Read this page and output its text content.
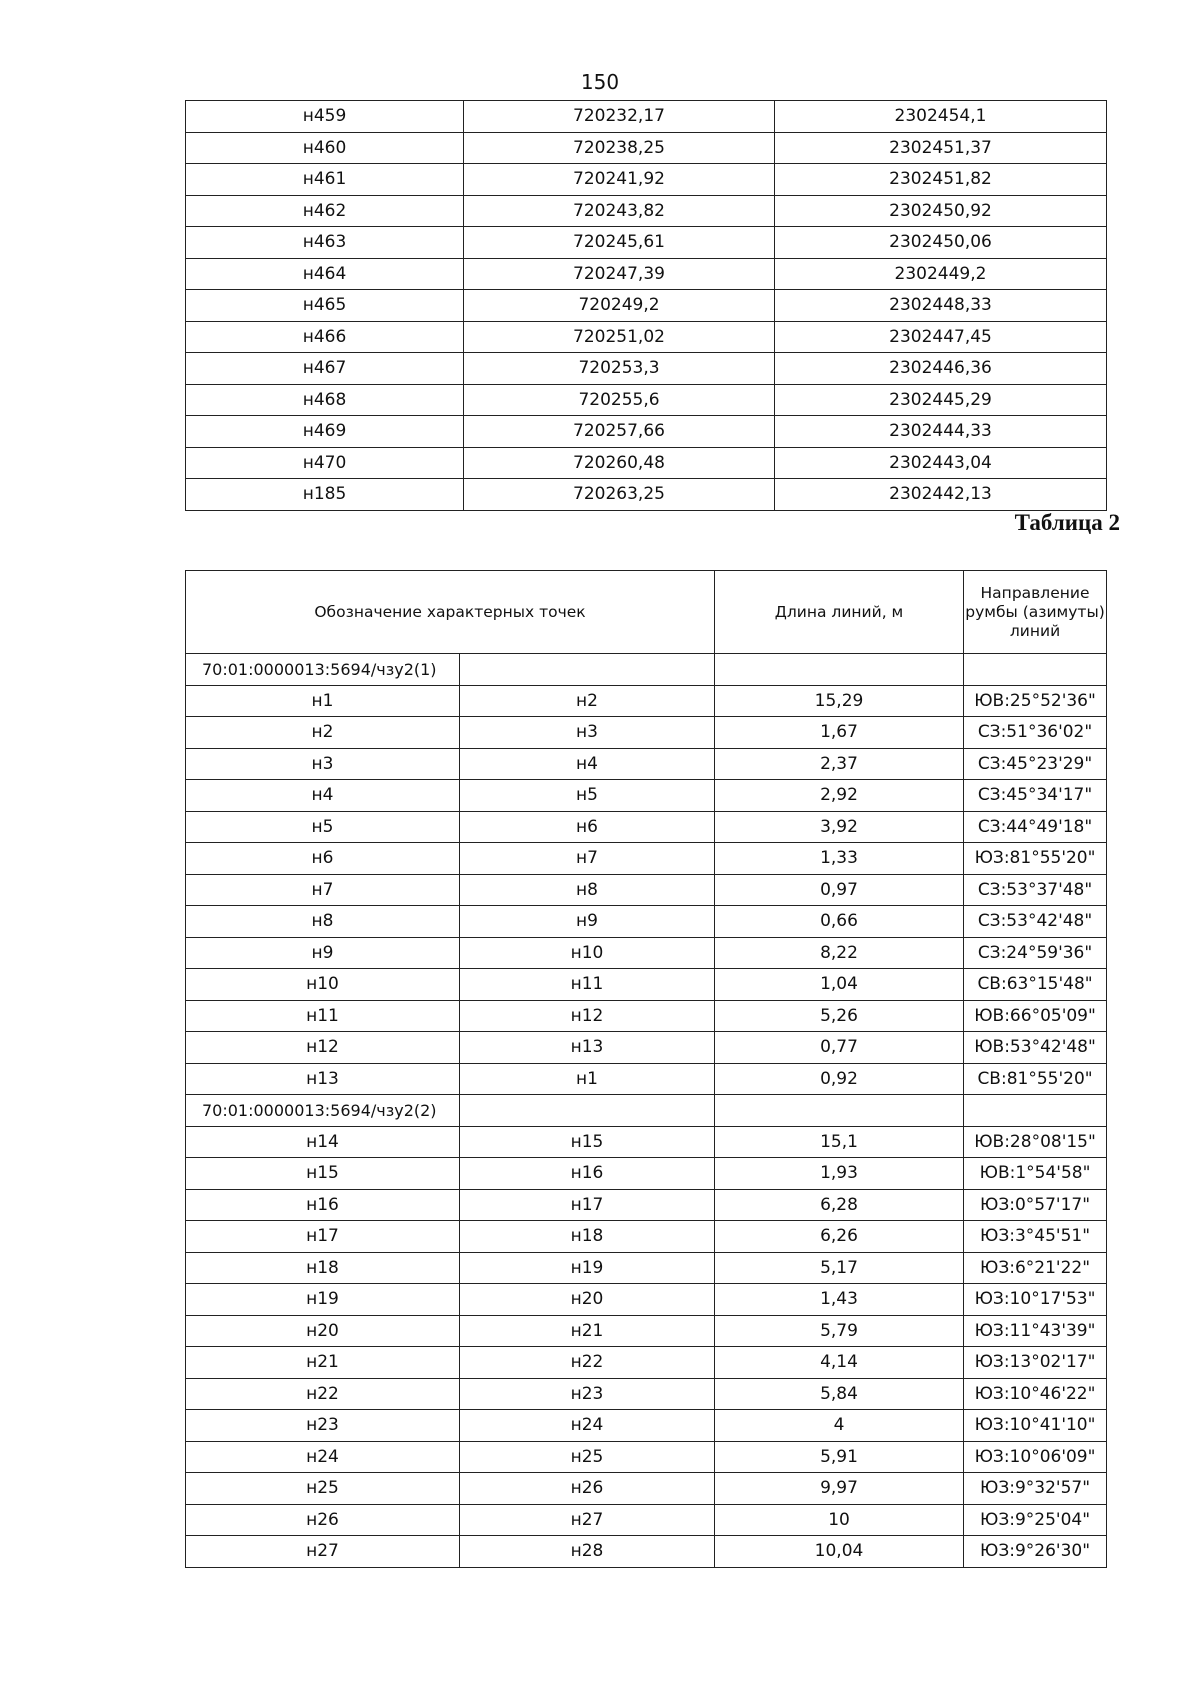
150
н459	720232,17	2302454,1
н460	720238,25	2302451,37
н461	720241,92	2302451,82
н462	720243,82	2302450,92
н463	720245,61	2302450,06
н464	720247,39	2302449,2
н465	720249,2	2302448,33
н466	720251,02	2302447,45
н467	720253,3	2302446,36
н468	720255,6	2302445,29
н469	720257,66	2302444,33
н470	720260,48	2302443,04
н185	720263,25	2302442,13
Таблица 2
Обозначение характерных точек		Длина линий, м	Направление румбы (азимуты) линий
70:01:0000013:5694/чзу2(1)			
н1	н2	15,29	ЮВ:25°52'36"
н2	н3	1,67	СЗ:51°36'02"
н3	н4	2,37	СЗ:45°23'29"
н4	н5	2,92	СЗ:45°34'17"
н5	н6	3,92	СЗ:44°49'18"
н6	н7	1,33	ЮЗ:81°55'20"
н7	н8	0,97	СЗ:53°37'48"
н8	н9	0,66	СЗ:53°42'48"
н9	н10	8,22	СЗ:24°59'36"
н10	н11	1,04	СВ:63°15'48"
н11	н12	5,26	ЮВ:66°05'09"
н12	н13	0,77	ЮВ:53°42'48"
н13	н1	0,92	СВ:81°55'20"
70:01:0000013:5694/чзу2(2)			
н14	н15	15,1	ЮВ:28°08'15"
н15	н16	1,93	ЮВ:1°54'58"
н16	н17	6,28	ЮЗ:0°57'17"
н17	н18	6,26	ЮЗ:3°45'51"
н18	н19	5,17	ЮЗ:6°21'22"
н19	н20	1,43	ЮЗ:10°17'53"
н20	н21	5,79	ЮЗ:11°43'39"
н21	н22	4,14	ЮЗ:13°02'17"
н22	н23	5,84	ЮЗ:10°46'22"
н23	н24	4	ЮЗ:10°41'10"
н24	н25	5,91	ЮЗ:10°06'09"
н25	н26	9,97	ЮЗ:9°32'57"
н26	н27	10	ЮЗ:9°25'04"
н27	н28	10,04	ЮЗ:9°26'30"
